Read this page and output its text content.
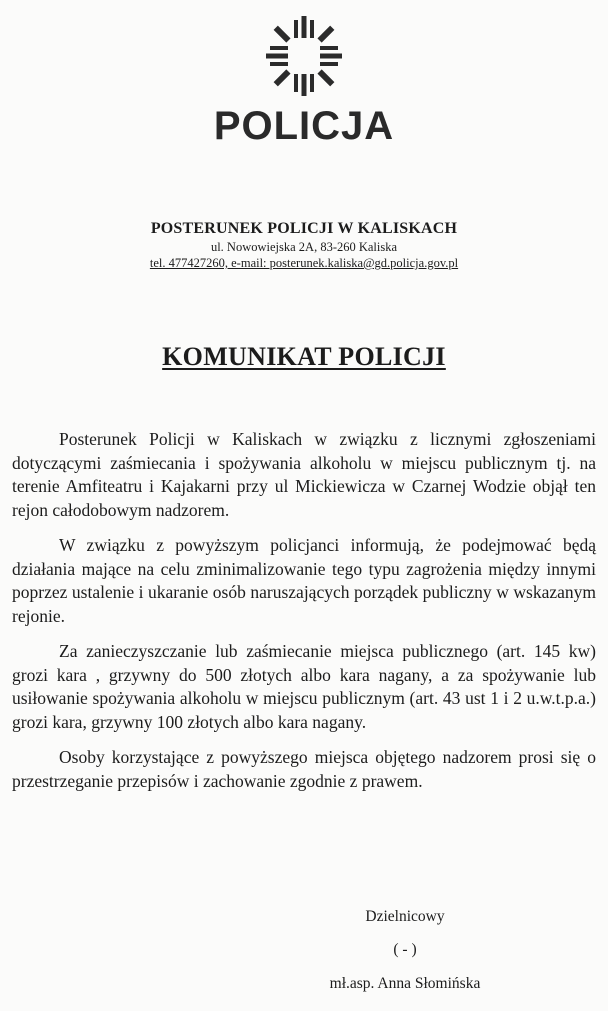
POLICJA
POSTERUNEK POLICJI W KALISKACH
ul. Nowowiejska 2A, 83-260 Kaliska
tel. 477427260, e-mail: posterunek.kaliska@gd.policja.gov.pl
KOMUNIKAT POLICJI

Posterunek Policji w Kaliskach w związku z licznymi zgłoszeniami dotyczącymi zaśmiecania i spożywania alkoholu w miejscu publicznym tj. na terenie Amfiteatru i Kajakarni przy ul Mickiewicza w Czarnej Wodzie objął ten rejon całodobowym nadzorem.

W związku z powyższym policjanci informują, że podejmować będą działania mające na celu zminimalizowanie tego typu zagrożenia między innymi poprzez ustalenie i ukaranie osób naruszających porządek publiczny w wskazanym rejonie.

Za zanieczyszczanie lub zaśmiecanie miejsca publicznego (art. 145 kw) grozi kara , grzywny do 500 złotych albo kara nagany, a za spożywanie lub usiłowanie spożywania alkoholu w miejscu publicznym (art. 43 ust 1 i 2 u.w.t.p.a.) grozi kara, grzywny 100 złotych albo kara nagany.

Osoby korzystające z powyższego miejsca objętego nadzorem prosi się o przestrzeganie przepisów i zachowanie zgodnie z prawem.

Dzielnicowy
( - )
mł.asp. Anna Słomińska
